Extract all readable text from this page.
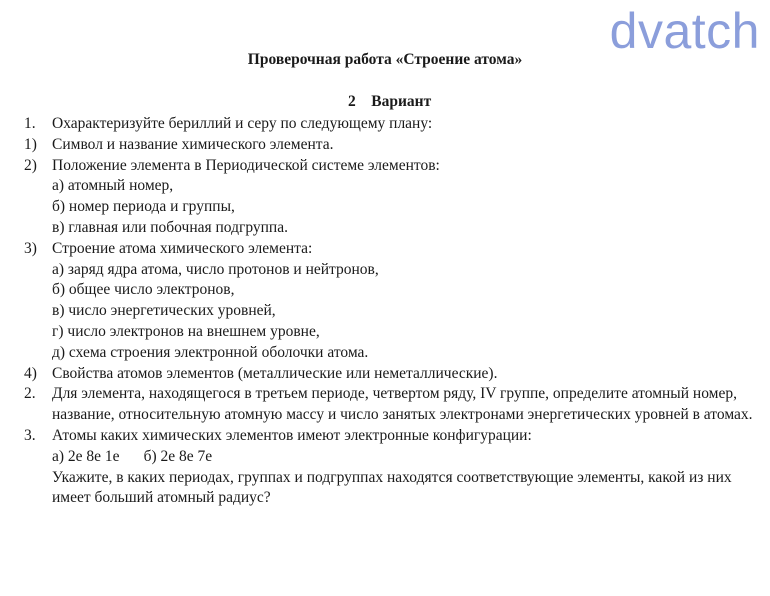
dvatch
Проверочная работа «Строение атома»
2    Вариант
1. Охарактеризуйте бериллий и серу по следующему плану:
1) Символ и название химического элемента.
2) Положение элемента в Периодической системе элементов:
а) атомный номер,
б) номер периода и группы,
в) главная или побочная подгруппа.
3) Строение атома химического элемента:
а) заряд ядра атома, число протонов и нейтронов,
б) общее число электронов,
в) число энергетических уровней,
г) число электронов на внешнем уровне,
д) схема строения электронной оболочки атома.
4) Свойства атомов элементов (металлические или неметаллические).
2. Для элемента, находящегося в третьем периоде, четвертом ряду, IV группе, определите атомный номер, название, относительную атомную массу и число занятых электронами энергетических уровней в атомах.
3. Атомы каких химических элементов имеют электронные конфигурации:
а) 2е 8е 1е б) 2е 8е 7е
Укажите, в каких периодах, группах и подгруппах находятся соответствующие элементы, какой из них имеет больший атомный радиус?
